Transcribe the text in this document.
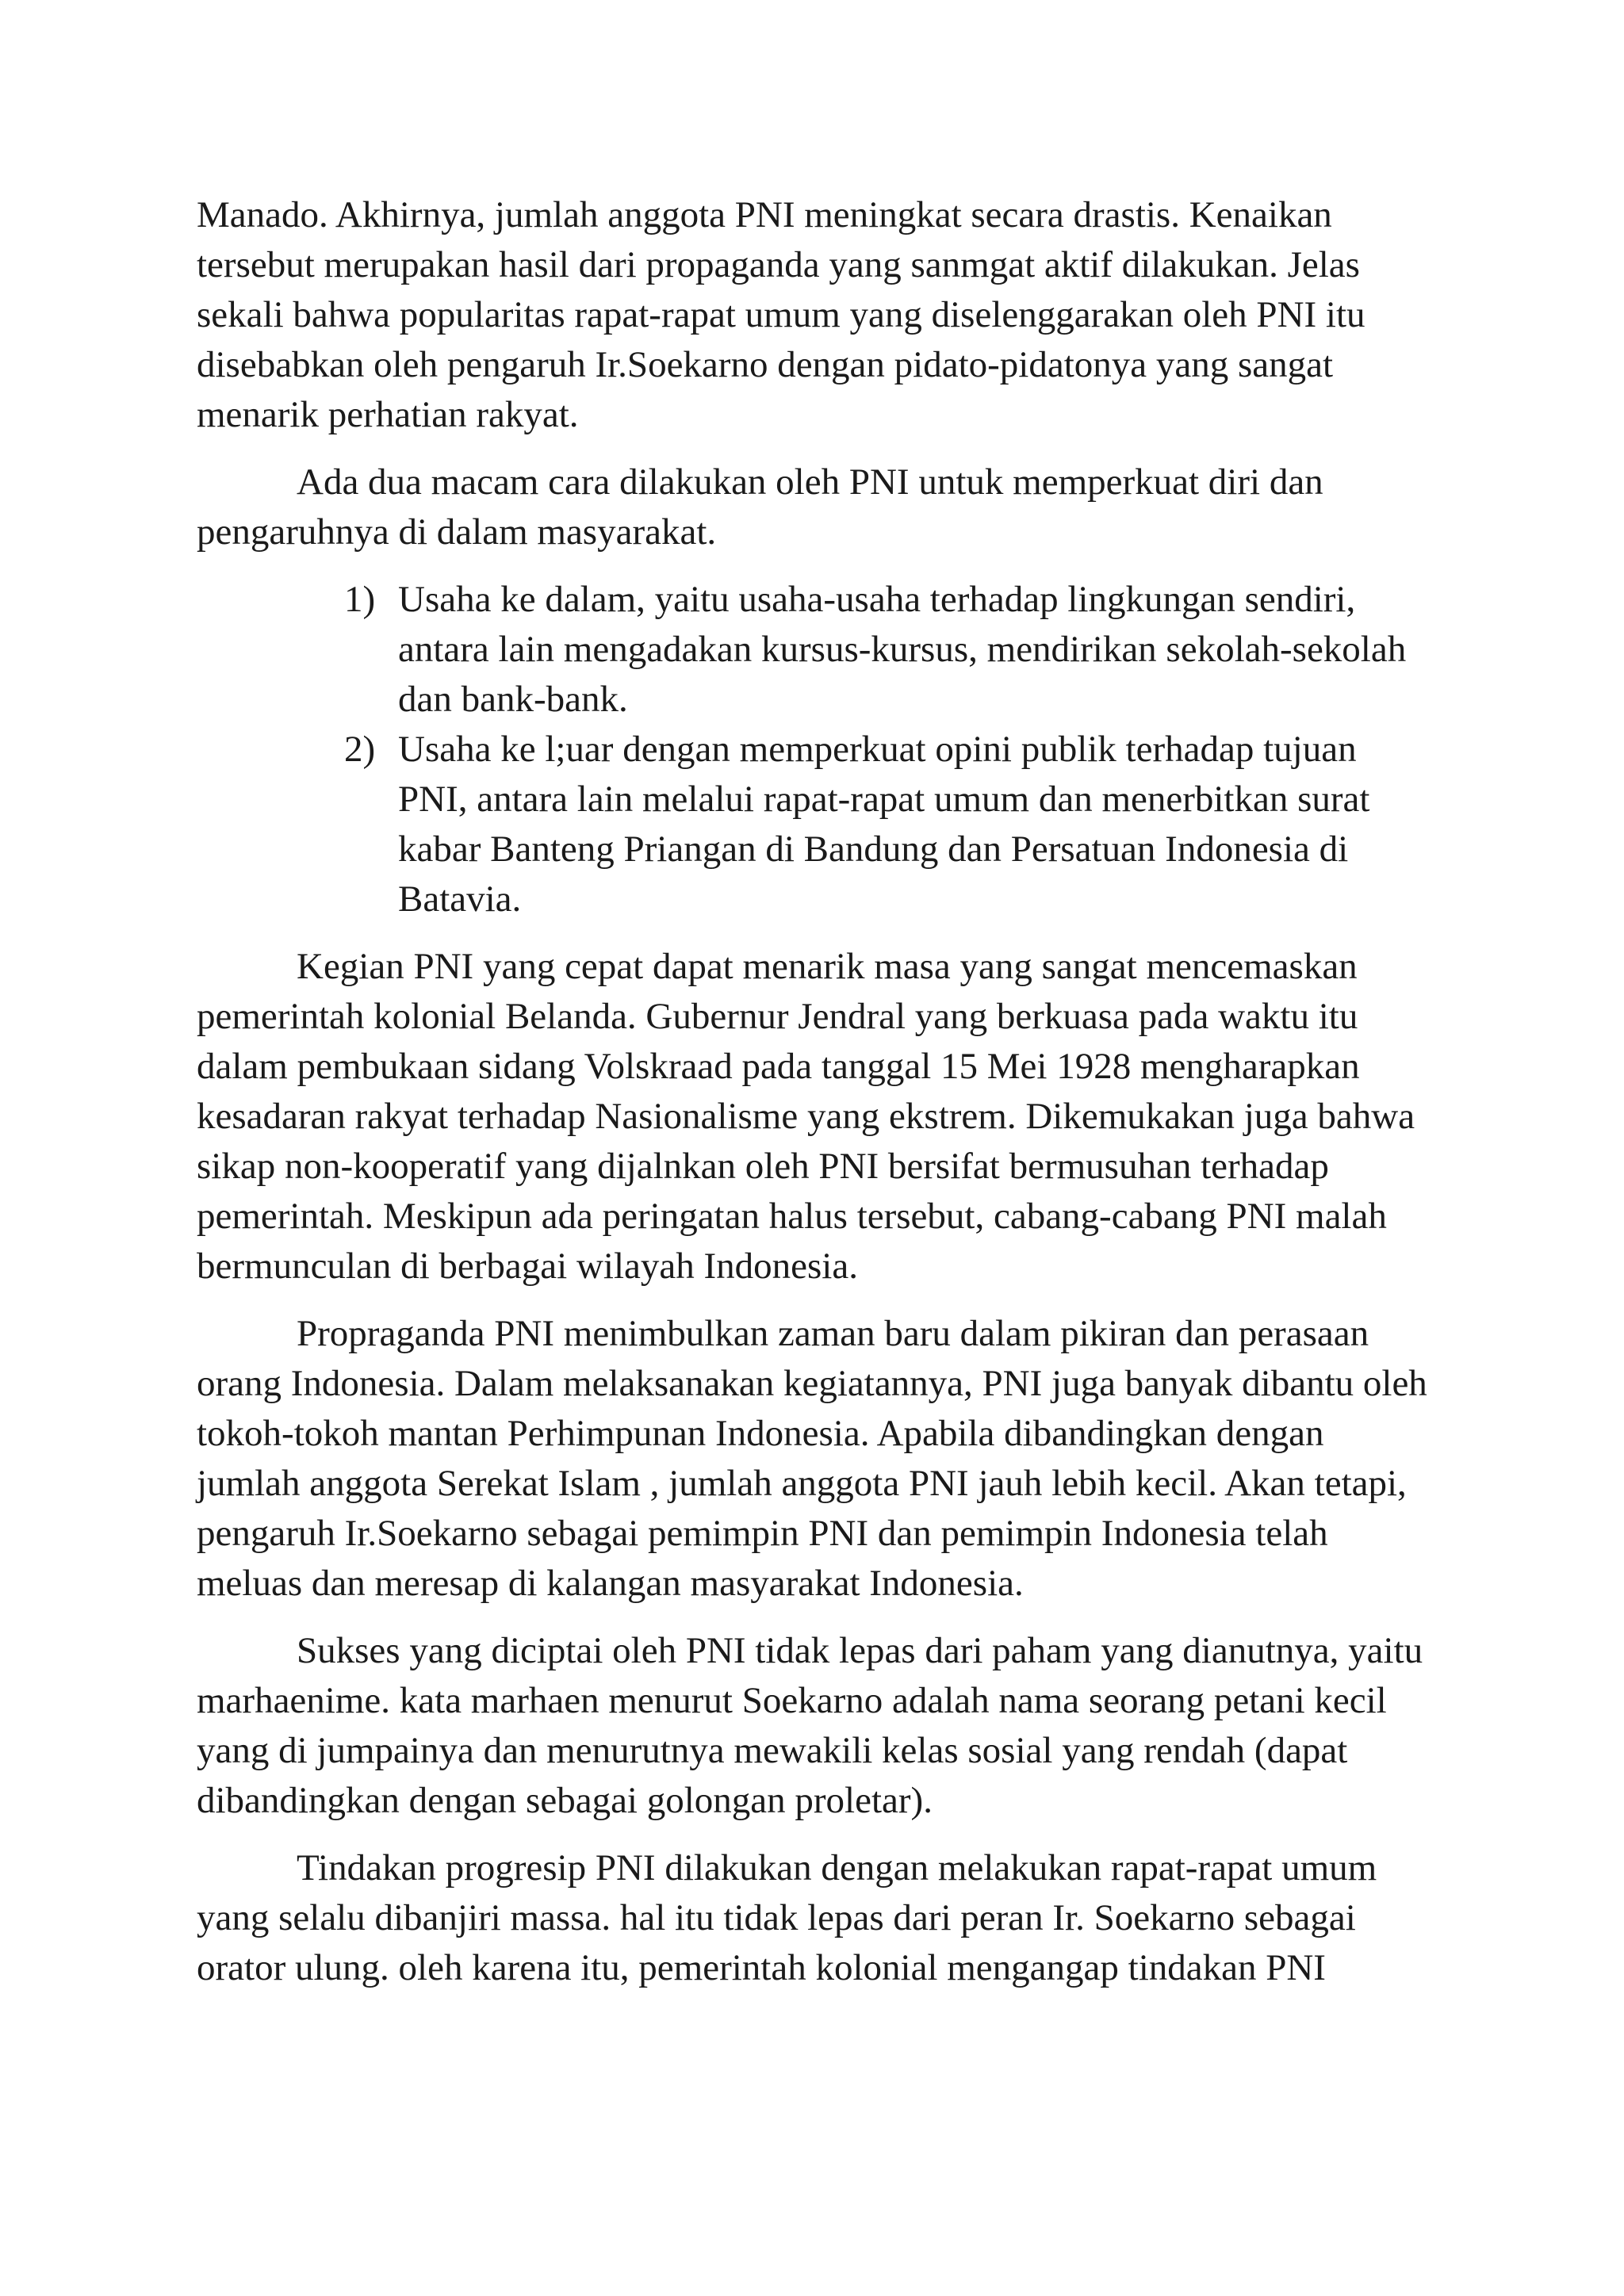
Manado. Akhirnya, jumlah anggota PNI meningkat secara drastis. Kenaikan tersebut merupakan hasil dari propaganda yang sanmgat aktif dilakukan. Jelas sekali bahwa popularitas rapat-rapat umum yang diselenggarakan oleh PNI itu disebabkan oleh pengaruh Ir.Soekarno dengan pidato-pidatonya yang sangat menarik perhatian rakyat.

Ada dua macam cara dilakukan oleh PNI untuk memperkuat diri dan pengaruhnya di dalam masyarakat.

1) Usaha ke dalam, yaitu usaha-usaha terhadap lingkungan sendiri, antara lain mengadakan kursus-kursus, mendirikan sekolah-sekolah dan bank-bank.
2) Usaha ke l;uar dengan memperkuat opini publik terhadap tujuan PNI, antara lain melalui rapat-rapat umum dan menerbitkan surat kabar Banteng Priangan di Bandung dan Persatuan Indonesia di Batavia.

Kegian PNI yang cepat dapat menarik masa yang sangat mencemaskan pemerintah kolonial Belanda. Gubernur Jendral yang berkuasa pada waktu itu dalam pembukaan sidang Volskraad pada tanggal 15 Mei 1928 mengharapkan kesadaran rakyat terhadap Nasionalisme yang ekstrem. Dikemukakan juga bahwa sikap non-kooperatif yang dijalnkan oleh PNI bersifat bermusuhan terhadap pemerintah. Meskipun ada peringatan halus tersebut, cabang-cabang PNI malah bermunculan di berbagai wilayah Indonesia.

Propraganda PNI menimbulkan zaman baru dalam pikiran dan perasaan orang Indonesia. Dalam melaksanakan kegiatannya, PNI juga banyak dibantu oleh tokoh-tokoh mantan Perhimpunan Indonesia. Apabila dibandingkan dengan jumlah anggota Serekat Islam , jumlah anggota PNI jauh lebih kecil. Akan tetapi, pengaruh Ir.Soekarno sebagai pemimpin PNI dan pemimpin Indonesia telah meluas dan meresap di kalangan masyarakat Indonesia.

Sukses yang diciptai oleh PNI tidak lepas dari paham yang dianutnya, yaitu marhaenime. kata marhaen menurut Soekarno adalah nama seorang petani kecil yang di jumpainya dan menurutnya mewakili kelas sosial yang rendah (dapat dibandingkan dengan sebagai golongan proletar).

Tindakan progresip PNI dilakukan dengan melakukan rapat-rapat umum yang selalu dibanjiri massa. hal itu tidak lepas dari peran Ir. Soekarno sebagai orator ulung. oleh karena itu, pemerintah kolonial mengangap tindakan PNI
